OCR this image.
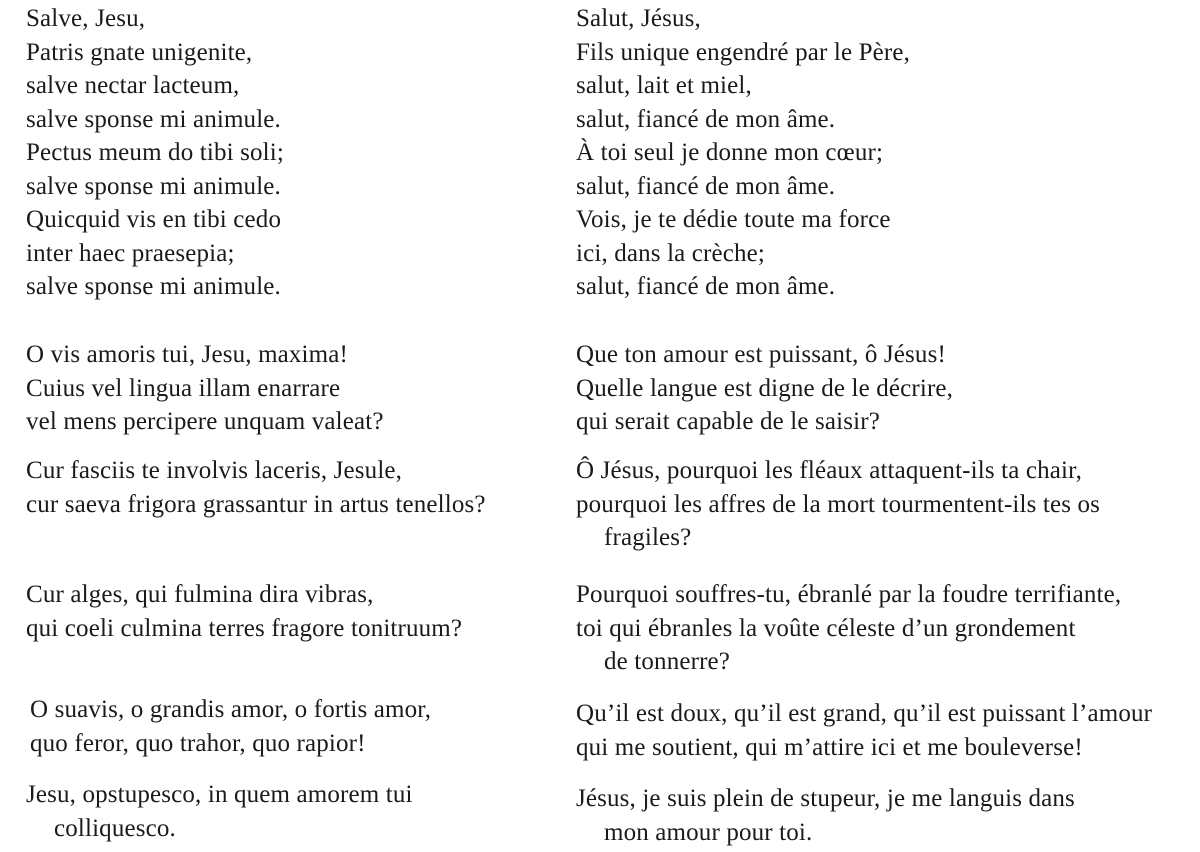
Salve, Jesu,
Patris gnate unigenite,
salve nectar lacteum,
salve sponse mi animule.
Pectus meum do tibi soli;
salve sponse mi animule.
Quicquid vis en tibi cedo
inter haec praesepia;
salve sponse mi animule.
O vis amoris tui, Jesu, maxima!
Cuius vel lingua illam enarrare
vel mens percipere unquam valeat?
Cur fasciis te involvis laceris, Jesule,
cur saeva frigora grassantur in artus tenellos?
Cur alges, qui fulmina dira vibras,
qui coeli culmina terres fragore tonitruum?
O suavis, o grandis amor, o fortis amor,
quo feror, quo trahor, quo rapior!
Jesu, opstupesco, in quem amorem tui
colliquesco.
Salut, Jésus,
Fils unique engendré par le Père,
salut, lait et miel,
salut, fiancé de mon âme.
À toi seul je donne mon cœur;
salut, fiancé de mon âme.
Vois, je te dédie toute ma force
ici, dans la crèche;
salut, fiancé de mon âme.
Que ton amour est puissant, ô Jésus!
Quelle langue est digne de le décrire,
qui serait capable de le saisir?
Ô Jésus, pourquoi les fléaux attaquent-ils ta chair,
pourquoi les affres de la mort tourmentent-ils tes os
fragiles?
Pourquoi souffres-tu, ébranlé par la foudre terrifiante,
toi qui ébranles la voûte céleste d’un grondement
de tonnerre?
Qu’il est doux, qu’il est grand, qu’il est puissant l’amour
qui me soutient, qui m’attire ici et me bouleverse!
Jésus, je suis plein de stupeur, je me languis dans
mon amour pour toi.
